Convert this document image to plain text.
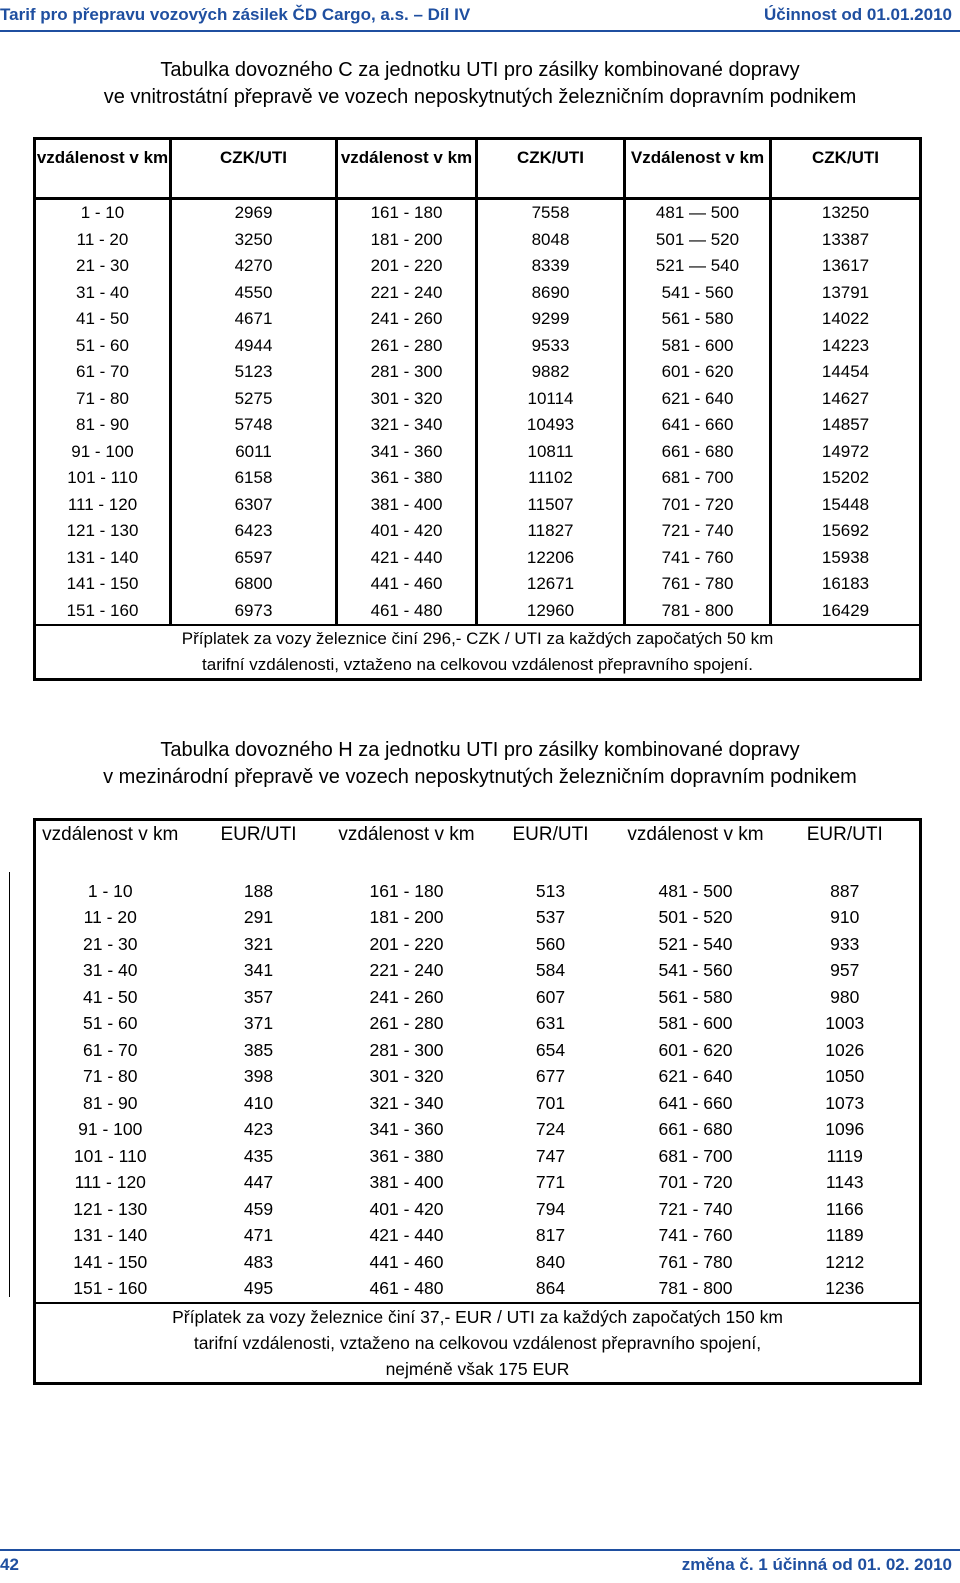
Tarif pro přepravu vozových zásilek ČD Cargo, a.s. – Díl IV	Účinnost od 01.01.2010
Tabulka dovozného C za jednotku UTI pro zásilky kombinované dopravy
ve vnitrostátní přepravě ve vozech neposkytnutých železničním dopravním podnikem
vzdálenost v km	CZK/UTI	vzdálenost v km	CZK/UTI	Vzdálenost v km	CZK/UTI
1 - 10	2969	161 - 180	7558	481 — 500	13250
11 - 20	3250	181 - 200	8048	501 — 520	13387
21 - 30	4270	201 - 220	8339	521 — 540	13617
31 - 40	4550	221 - 240	8690	541 - 560	13791
41 - 50	4671	241 - 260	9299	561 - 580	14022
51 - 60	4944	261 - 280	9533	581 - 600	14223
61 - 70	5123	281 - 300	9882	601 - 620	14454
71 - 80	5275	301 - 320	10114	621 - 640	14627
81 - 90	5748	321 - 340	10493	641 - 660	14857
91 - 100	6011	341 - 360	10811	661 - 680	14972
101 - 110	6158	361 - 380	11102	681 - 700	15202
111 - 120	6307	381 - 400	11507	701 - 720	15448
121 - 130	6423	401 - 420	11827	721 - 740	15692
131 - 140	6597	421 - 440	12206	741 - 760	15938
141 - 150	6800	441 - 460	12671	761 - 780	16183
151 - 160	6973	461 - 480	12960	781 - 800	16429

Příplatek za vozy železnice činí 296,- CZK / UTI za každých započatých 50 km
tarifní vzdálenosti, vztaženo na celkovou vzdálenost přepravního spojení.					
Tabulka dovozného H za jednotku UTI pro zásilky kombinované dopravy
v mezinárodní přepravě ve vozech neposkytnutých železničním dopravním podnikem
vzdálenost v km	EUR/UTI	vzdálenost v km	EUR/UTI	vzdálenost v km	EUR/UTI
1 - 10	188	161 - 180	513	481 - 500	887
11 - 20	291	181 - 200	537	501 - 520	910
21 - 30	321	201 - 220	560	521 - 540	933
31 - 40	341	221 - 240	584	541 - 560	957
41 - 50	357	241 - 260	607	561 - 580	980
51 - 60	371	261 - 280	631	581 - 600	1003
61 - 70	385	281 - 300	654	601 - 620	1026
71 - 80	398	301 - 320	677	621 - 640	1050
81 - 90	410	321 - 340	701	641 - 660	1073
91 - 100	423	341 - 360	724	661 - 680	1096
101 - 110	435	361 - 380	747	681 - 700	1119
111 - 120	447	381 - 400	771	701 - 720	1143
121 - 130	459	401 - 420	794	721 - 740	1166
131 - 140	471	421 - 440	817	741 - 760	1189
141 - 150	483	441 - 460	840	761 - 780	1212
151 - 160	495	461 - 480	864	781 - 800	1236

Příplatek za vozy železnice činí 37,- EUR / UTI za každých započatých 150 km
tarifní vzdálenosti, vztaženo na celkovou vzdálenost přepravního spojení,
nejméně však 175 EUR					
42	změna č. 1 účinná od 01. 02. 2010
